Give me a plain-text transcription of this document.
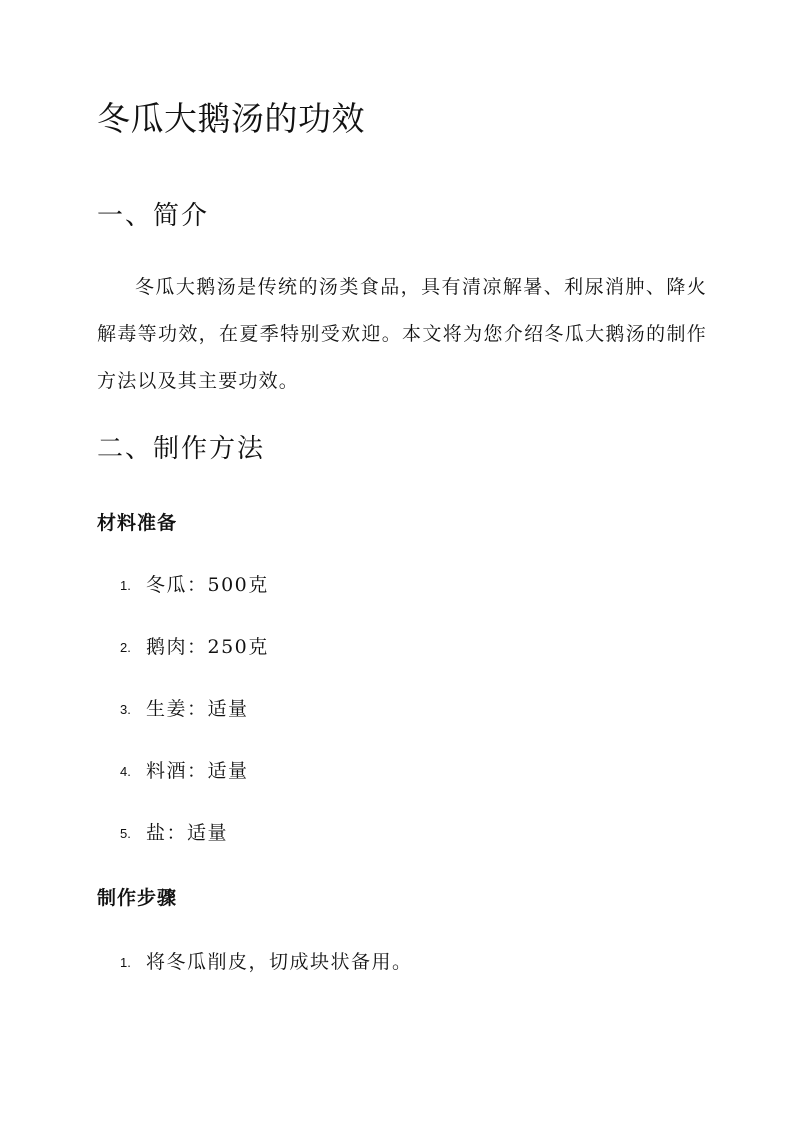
冬瓜大鹅汤的功效
一、简介

冬瓜大鹅汤是传统的汤类食品，具有清凉解暑、利尿消肿、降火解毒等功效，在夏季特别受欢迎。本文将为您介绍冬瓜大鹅汤的制作方法以及其主要功效。

二、制作方法
材料准备
1. 冬瓜：500克
2. 鹅肉：250克
3. 生姜：适量
4. 料酒：适量
5. 盐：适量
制作步骤
1. 将冬瓜削皮，切成块状备用。
